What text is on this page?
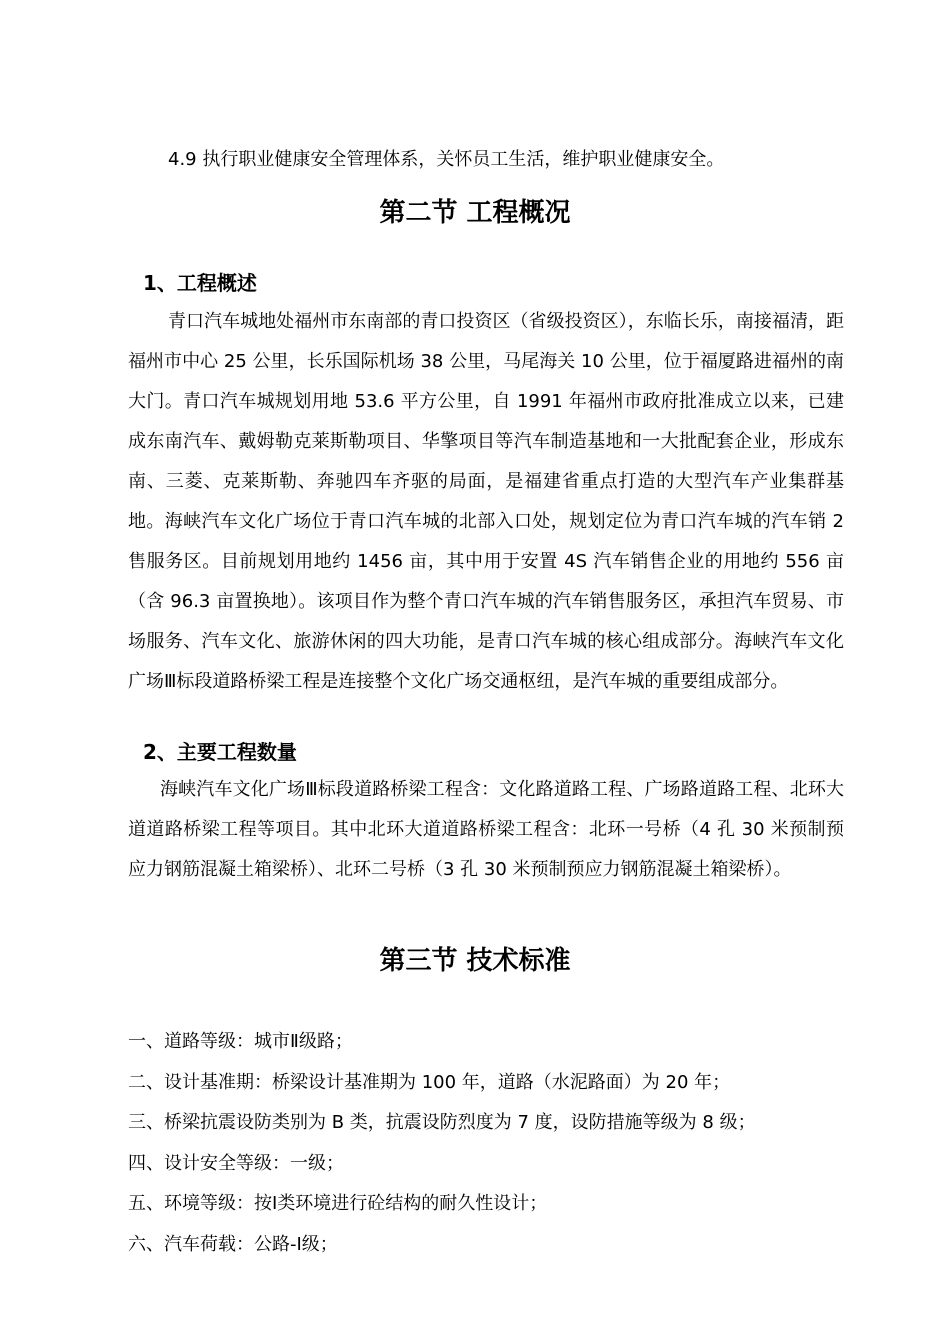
4.9 执行职业健康安全管理体系，关怀员工生活，维护职业健康安全。
第二节 工程概况
1、工程概述

青口汽车城地处福州市东南部的青口投资区（省级投资区），东临长乐，南接福清，距福州市中心 25 公里，长乐国际机场 38 公里，马尾海关 10 公里，位于福厦路进福州的南大门。青口汽车城规划用地 53.6 平方公里，自 1991 年福州市政府批准成立以来，已建成东南汽车、戴姆勒克莱斯勒项目、华擎项目等汽车制造基地和一大批配套企业，形成东南、三菱、克莱斯勒、奔驰四车齐驱的局面，是福建省重点打造的大型汽车产业集群基地。海峡汽车文化广场位于青口汽车城的北部入口处，规划定位为青口汽车城的汽车销 2 售服务区。目前规划用地约 1456 亩，其中用于安置 4S 汽车销售企业的用地约 556 亩（含 96.3 亩置换地）。该项目作为整个青口汽车城的汽车销售服务区，承担汽车贸易、市场服务、汽车文化、旅游休闲的四大功能，是青口汽车城的核心组成部分。海峡汽车文化广场Ⅲ标段道路桥梁工程是连接整个文化广场交通枢纽，是汽车城的重要组成部分。

2、主要工程数量

海峡汽车文化广场Ⅲ标段道路桥梁工程含：文化路道路工程、广场路道路工程、北环大道道路桥梁工程等项目。其中北环大道道路桥梁工程含：北环一号桥（4 孔 30 米预制预应力钢筋混凝土箱梁桥）、北环二号桥（3 孔 30 米预制预应力钢筋混凝土箱梁桥）。

第三节 技术标准
一、道路等级：城市Ⅱ级路；
二、设计基准期：桥梁设计基准期为 100 年，道路（水泥路面）为 20 年；
三、桥梁抗震设防类别为 B 类，抗震设防烈度为 7 度，设防措施等级为 8 级；
四、设计安全等级：一级；
五、环境等级：按Ⅰ类环境进行砼结构的耐久性设计；
六、汽车荷载：公路-Ⅰ级；
